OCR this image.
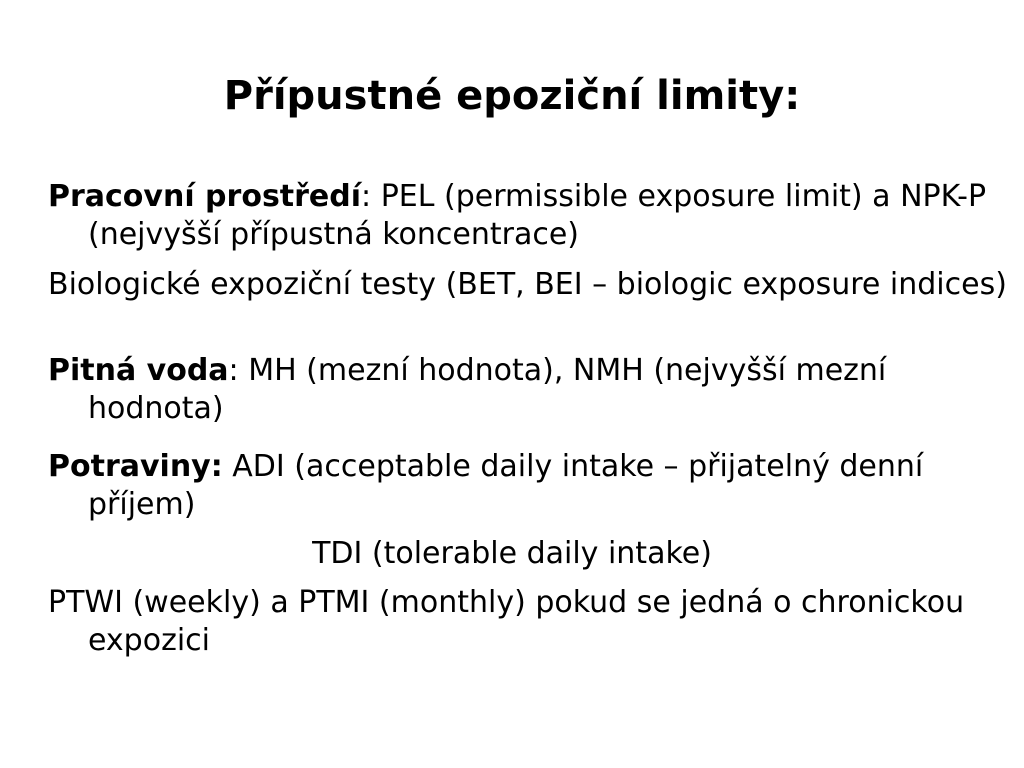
Přípustné epoziční limity:

Pracovní prostředí: PEL (permissible exposure limit) a NPK-P (nejvyšší přípustná koncentrace)

Biologické expoziční testy (BET, BEI – biologic exposure indices)

Pitná voda: MH (mezní hodnota), NMH (nejvyšší mezní hodnota)

Potraviny: ADI (acceptable daily intake – přijatelný denní příjem)

TDI (tolerable daily intake)

PTWI (weekly) a PTMI (monthly) pokud se jedná o chronickou expozici
